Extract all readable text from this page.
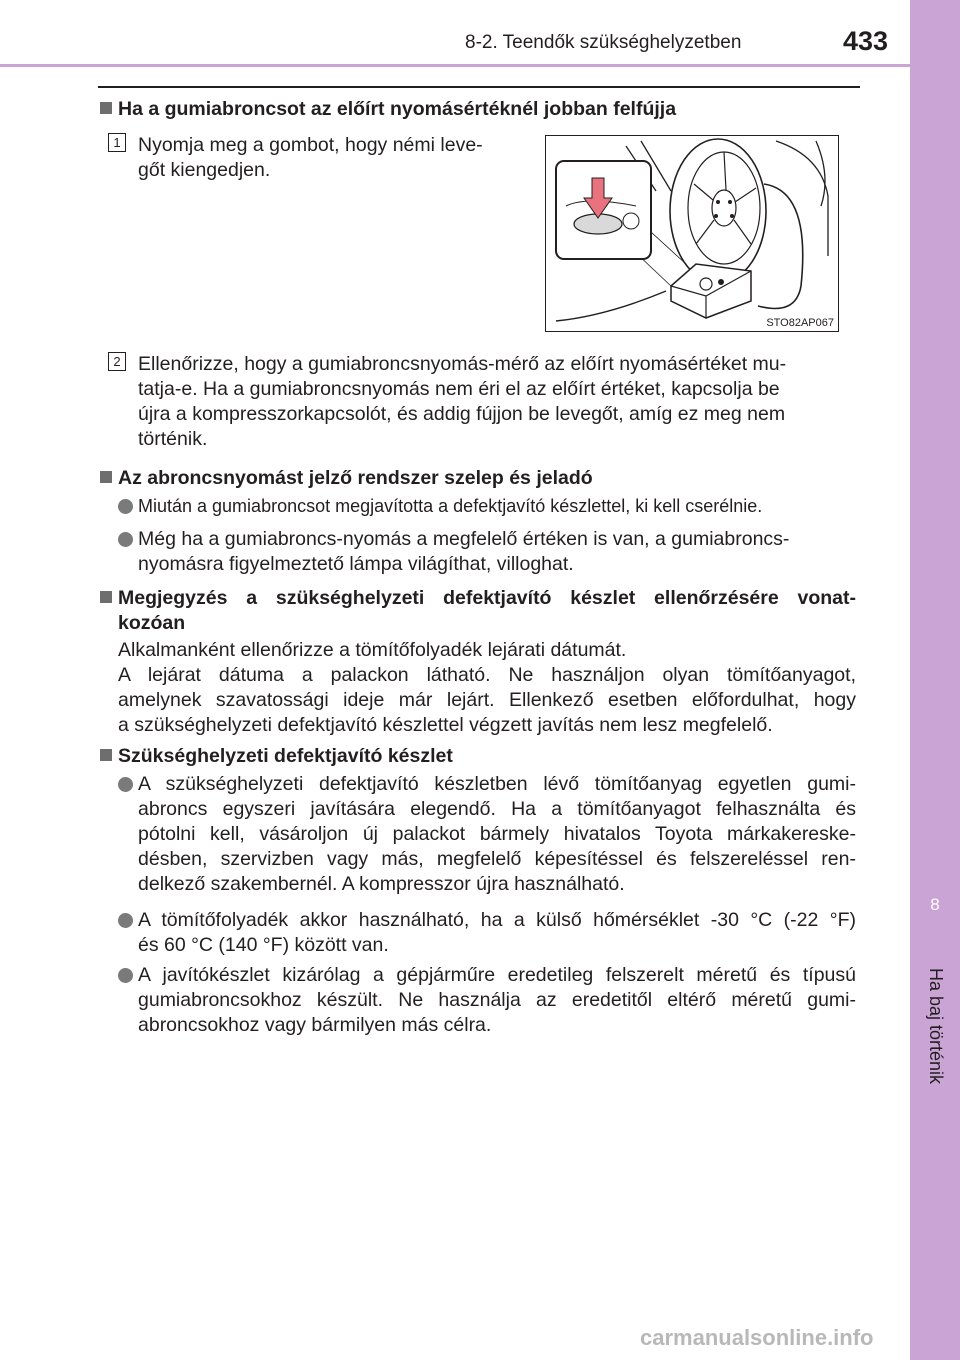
8-2. Teendők szükséghelyzetben	433
8
Ha baj történik
Ha a gumiabroncsot az előírt nyomásértéknél jobban felfújja
1 Nyomja meg a gombot, hogy némi leve-
gőt kiengedjen.
STO82AP067
2 Ellenőrizze, hogy a gumiabroncsnyomás-mérő az előírt nyomásértéket mu-
tatja-e. Ha a gumiabroncsnyomás nem éri el az előírt értéket, kapcsolja be
újra a kompresszorkapcsolót, és addig fújjon be levegőt, amíg ez meg nem
történik.
Az abroncsnyomást jelző rendszer szelep és jeladó
Miután a gumiabroncsot megjavította a defektjavító készlettel, ki kell cserélnie.
Még ha a gumiabroncs-nyomás a megfelelő értéken is van, a gumiabroncs-
nyomásra figyelmeztető lámpa világíthat, villoghat.
Megjegyzés a szükséghelyzeti defektjavító készlet ellenőrzésére vonat-
kozóan
Alkalmanként ellenőrizze a tömítőfolyadék lejárati dátumát.
A lejárat dátuma a palackon látható. Ne használjon olyan tömítőanyagot,
amelynek szavatossági ideje már lejárt. Ellenkező esetben előfordulhat, hogy
a szükséghelyzeti defektjavító készlettel végzett javítás nem lesz megfelelő.
Szükséghelyzeti defektjavító készlet
A szükséghelyzeti defektjavító készletben lévő tömítőanyag egyetlen gumi-
abroncs egyszeri javítására elegendő. Ha a tömítőanyagot felhasználta és
pótolni kell, vásároljon új palackot bármely hivatalos Toyota márkakereske-
désben, szervizben vagy más, megfelelő képesítéssel és felszereléssel ren-
delkező szakembernél. A kompresszor újra használható.
A tömítőfolyadék akkor használható, ha a külső hőmérséklet -30 °C (-22 °F)
és 60 °C (140 °F) között van.
A javítókészlet kizárólag a gépjárműre eredetileg felszerelt méretű és típusú
gumiabroncsokhoz készült. Ne használja az eredetitől eltérő méretű gumi-
abroncsokhoz vagy bármilyen más célra.
carmanualsonline.info
